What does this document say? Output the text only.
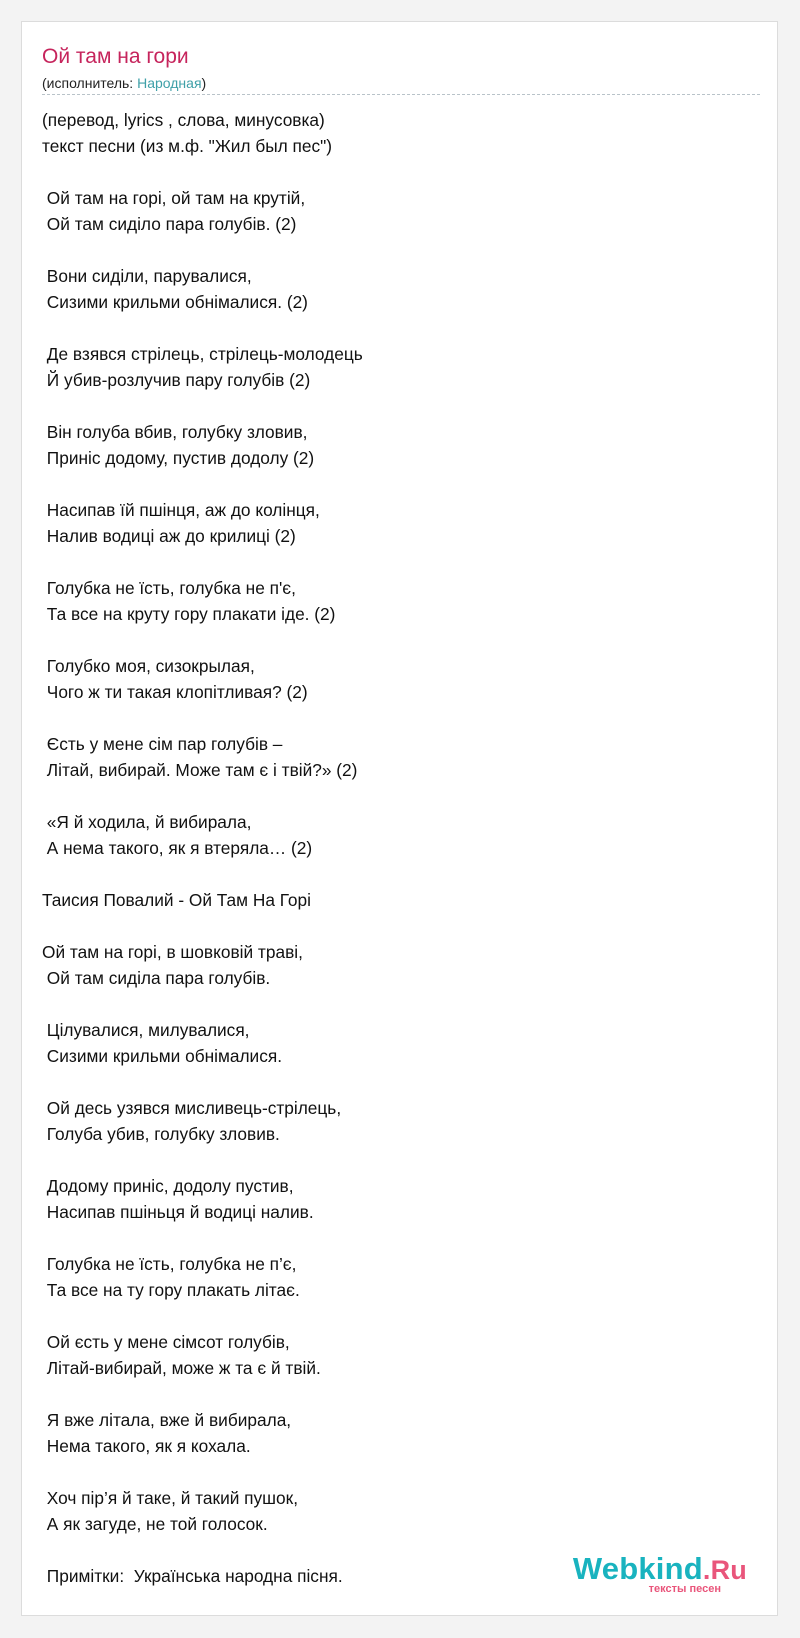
Ой там на гори
(исполнитель: Народная)
(перевод, lyrics , слова, минусовка)
текст песни (из м.ф. "Жил был пес")

Ой там на горі, ой там на крутій,
Ой там сиділо пара голубів. (2)

Вони сиділи, парувалися,
Сизими крильми обнімалися. (2)

Де взявся стрілець, стрілець-молодець
Й убив-розлучив пару голубів (2)

Він голуба вбив, голубку зловив,
Приніс додому, пустив додолу (2)

Насипав їй пшінця, аж до колінця,
Налив водиці аж до крилиці (2)

Голубка не їсть, голубка не п'є,
Та все на круту гору плакати іде. (2)

Голубко моя, сизокрылая,
Чого ж ти такая клопітливая? (2)

Єсть у мене сім пар голубів –
Літай, вибирай. Може там є і твій?» (2)

«Я й ходила, й вибирала,
А нема такого, як я втеряла… (2)

Таисия Повалий - Ой Там На Горі

Ой там на горі, в шовковій траві,
Ой там сиділа пара голубів.

Цілувалися, милувалися,
Сизими крильми обнімалися.

Ой десь узявся мисливець-стрілець,
Голуба убив, голубку зловив.

Додому приніс, додолу пустив,
Насипав пшіньця й водиці налив.

Голубка не їсть, голубка не п’є,
Та все на ту гору плакать літає.

Ой єсть у мене сімсот голубів,
Літай-вибирай, може ж та є й твій.

Я вже літала, вже й вибирала,
Нема такого, як я кохала.

Хоч пір’я й таке, й такий пушок,
А як загуде, не той голосок.

Примітки:  Українська народна пісня.	Webkind.Ru
тексты песен
